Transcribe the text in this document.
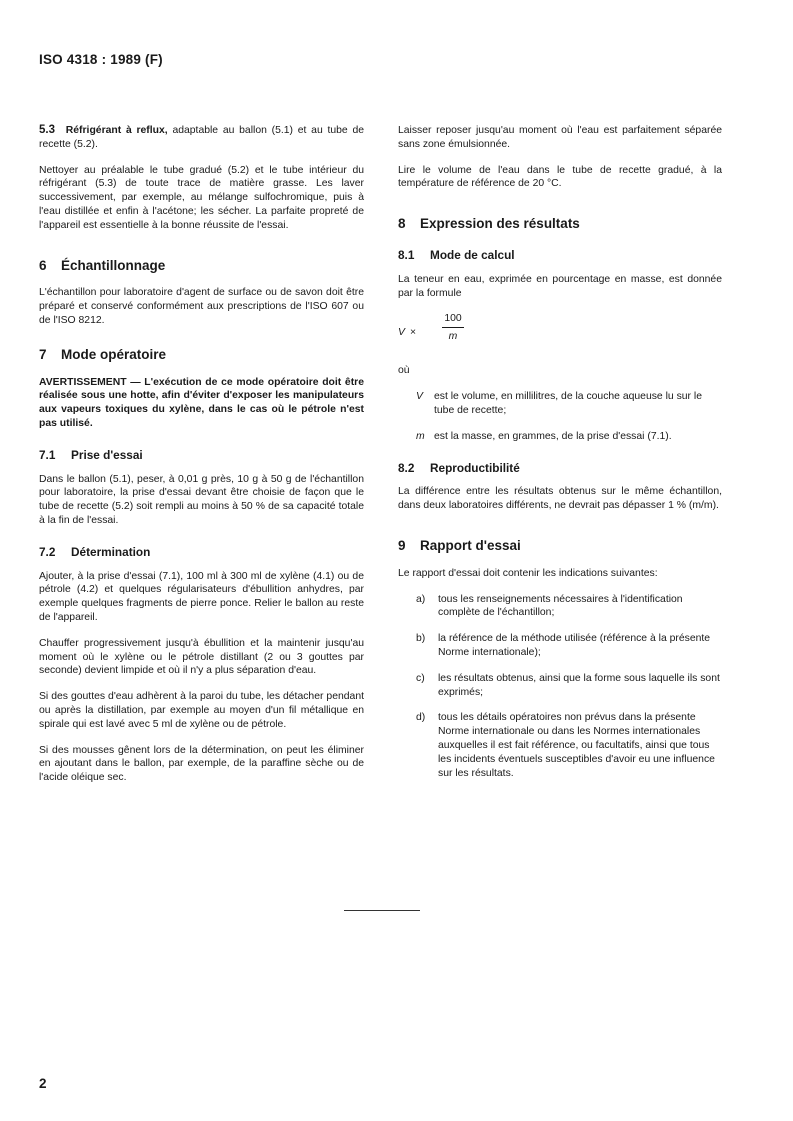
ISO 4318 : 1989 (F)

5.3 Réfrigérant à reflux, adaptable au ballon (5.1) et au tube de recette (5.2).

Nettoyer au préalable le tube gradué (5.2) et le tube intérieur du réfrigérant (5.3) de toute trace de matière grasse. Les laver successivement, par exemple, au mélange sulfochromique, puis à l'eau distillée et enfin à l'acétone; les sécher. La parfaite propreté de l'appareil est essentielle à la bonne réussite de l'essai.

6 Échantillonnage

L'échantillon pour laboratoire d'agent de surface ou de savon doit être préparé et conservé conformément aux prescriptions de l'ISO 607 ou de l'ISO 8212.

7 Mode opératoire

AVERTISSEMENT — L'exécution de ce mode opératoire doit être réalisée sous une hotte, afin d'éviter d'exposer les manipulateurs aux vapeurs toxiques du xylène, dans le cas où le pétrole n'est pas utilisé.

7.1 Prise d'essai

Dans le ballon (5.1), peser, à 0,01 g près, 10 g à 50 g de l'échantillon pour laboratoire, la prise d'essai devant être choisie de façon que le tube de recette (5.2) soit rempli au moins à 50 % de sa capacité totale à la fin de l'essai.

7.2 Détermination

Ajouter, à la prise d'essai (7.1), 100 ml à 300 ml de xylène (4.1) ou de pétrole (4.2) et quelques régularisateurs d'ébullition anhydres, par exemple quelques fragments de pierre ponce. Relier le ballon au reste de l'appareil.

Chauffer progressivement jusqu'à ébullition et la maintenir jusqu'au moment où le xylène ou le pétrole distillant (2 ou 3 gouttes par seconde) devient limpide et où il n'y a plus séparation d'eau.

Si des gouttes d'eau adhèrent à la paroi du tube, les détacher pendant ou après la distillation, par exemple au moyen d'un fil métallique en spirale qui est lavé avec 5 ml de xylène ou de pétrole.

Si des mousses gênent lors de la détermination, on peut les éliminer en ajoutant dans le ballon, par exemple, de la paraffine sèche ou de l'acide oléique sec.

Laisser reposer jusqu'au moment où l'eau est parfaitement séparée sans zone émulsionnée.

Lire le volume de l'eau dans le tube de recette gradué, à la température de référence de 20 °C.

8 Expression des résultats
8.1 Mode de calcul

La teneur en eau, exprimée en pourcentage en masse, est donnée par la formule

$V \times \frac{100}{m}$

où

V	est le volume, en millilitres, de la couche aqueuse lu sur le tube de recette;
m est la masse, en grammes, de la prise d'essai (7.1).
8.2 Reproductibilité

La différence entre les résultats obtenus sur le même échantillon, dans deux laboratoires différents, ne devrait pas dépasser 1 % (m/m).

9 Rapport d'essai

Le rapport d'essai doit contenir les indications suivantes:

a)	tous les renseignements nécessaires à l'identification complète de l'échantillon;
b)	la référence de la méthode utilisée (référence à la présente Norme internationale);
c)	les résultats obtenus, ainsi que la forme sous laquelle ils sont exprimés;
d)	tous les détails opératoires non prévus dans la présente Norme internationale ou dans les Normes internationales auxquelles il est fait référence, ou facultatifs, ainsi que tous les incidents éventuels susceptibles d'avoir eu une influence sur les résultats.
2
